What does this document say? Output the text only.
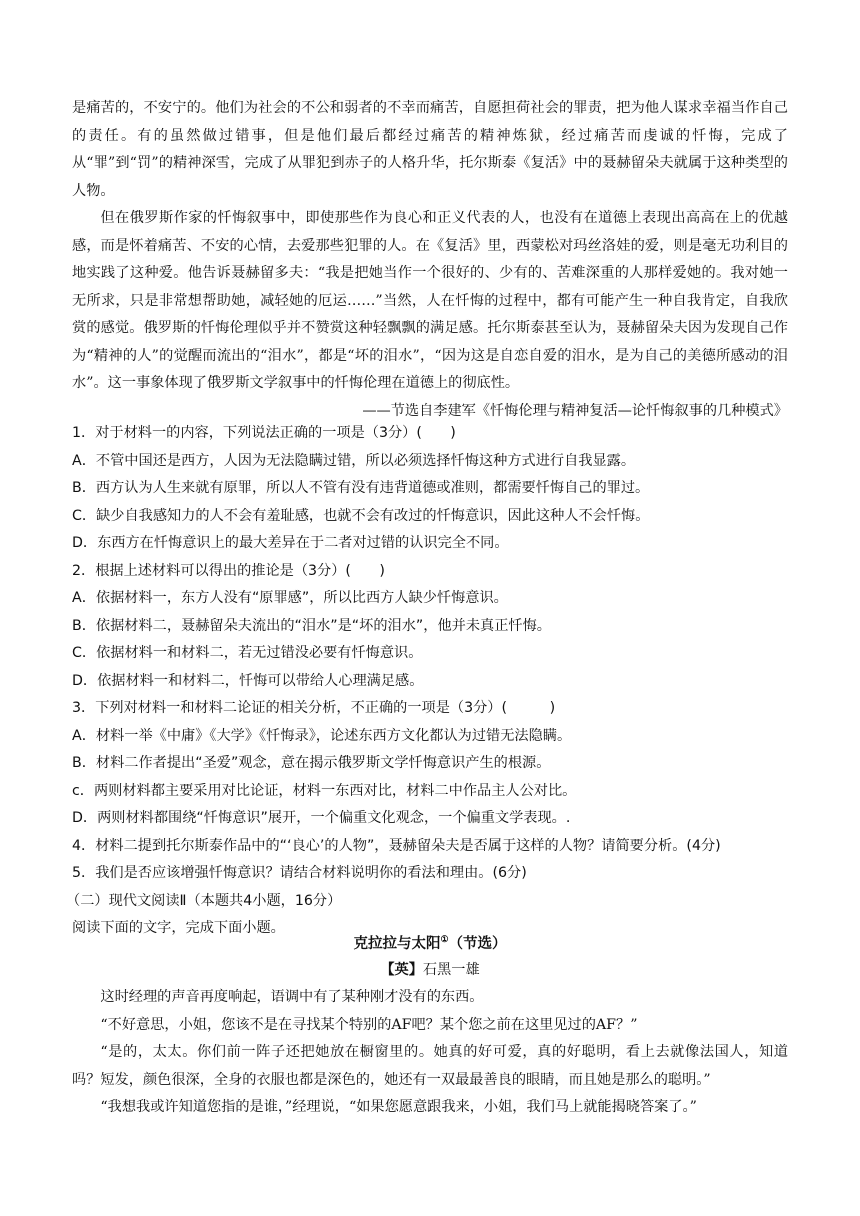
是痛苦的，不安宁的。他们为社会的不公和弱者的不幸而痛苦，自愿担荷社会的罪责，把为他人谋求幸福当作自己的责任。有的虽然做过错事，但是他们最后都经过痛苦的精神炼狱，经过痛苦而虔诚的忏悔，完成了从“罪”到“罚”的精神深雪，完成了从罪犯到赤子的人格升华，托尔斯泰《复活》中的聂赫留朵夫就属于这种类型的人物。

但在俄罗斯作家的忏悔叙事中，即使那些作为良心和正义代表的人，也没有在道德上表现出高高在上的优越感，而是怀着痛苦、不安的心情，去爱那些犯罪的人。在《复活》里，西蒙松对玛丝洛娃的爱，则是毫无功利目的地实践了这种爱。他告诉聂赫留多夫：“我是把她当作一个很好的、少有的、苦难深重的人那样爱她的。我对她一无所求，只是非常想帮助她，减轻她的厄运……”当然，人在忏悔的过程中，都有可能产生一种自我肯定，自我欣赏的感觉。俄罗斯的忏悔伦理似乎并不赞赏这种轻飘飘的满足感。托尔斯泰甚至认为，聂赫留朵夫因为发现自己作为“精神的人”的觉醒而流出的“泪水”，都是“坏的泪水”，“因为这是自恋自爱的泪水，是为自己的美德所感动的泪水”。这一事象体现了俄罗斯文学叙事中的忏悔伦理在道德上的彻底性。

——节选自李建军《忏悔伦理与精神复活—论忏悔叙事的几种模式》

1．对于材料一的内容，下列说法正确的一项是（3分）(　　)

A．不管中国还是西方，人因为无法隐瞒过错，所以必须选择忏悔这种方式进行自我显露。

B．西方认为人生来就有原罪，所以人不管有没有违背道德或准则，都需要忏悔自己的罪过。

C．缺少自我感知力的人不会有羞耻感，也就不会有改过的忏悔意识，因此这种人不会忏悔。

D．东西方在忏悔意识上的最大差异在于二者对过错的认识完全不同。

2．根据上述材料可以得出的推论是（3分）(　　)

A．依据材料一，东方人没有“原罪感”，所以比西方人缺少忏悔意识。

B．依据材料二，聂赫留朵夫流出的“泪水”是“坏的泪水”，他并未真正忏悔。

C．依据材料一和材料二，若无过错没必要有忏悔意识。

D．依据材料一和材料二，忏悔可以带给人心理满足感。

3．下列对材料一和材料二论证的相关分析，不正确的一项是（3分）(　　　)

A．材料一举《中庸》《大学》《忏悔录》，论述东西方文化都认为过错无法隐瞒。

B．材料二作者提出“圣爱”观念，意在揭示俄罗斯文学忏悔意识产生的根源。

c．两则材料都主要采用对比论证，材料一东西对比，材料二中作品主人公对比。

D．两则材料都围绕“忏悔意识”展开，一个偏重文化观念，一个偏重文学表现。.

4．材料二提到托尔斯泰作品中的“‘良心’的人物”，聂赫留朵夫是否属于这样的人物？请简要分析。(4分)

5．我们是否应该增强忏悔意识？请结合材料说明你的看法和理由。(6分)

（二）现代文阅读Ⅱ（本题共4小题，16分）

阅读下面的文字，完成下面小题。

克拉拉与太阳①（节选）

【英】石黑一雄

这时经理的声音再度响起，语调中有了某种刚才没有的东西。

“不好意思，小姐，您该不是在寻找某个特别的AF吧？某个您之前在这里见过的AF？”

“是的，太太。你们前一阵子还把她放在橱窗里的。她真的好可爱，真的好聪明，看上去就像法国人，知道吗？短发，颜色很深，全身的衣服也都是深色的，她还有一双最最善良的眼睛，而且她是那么的聪明。”

“我想我或许知道您指的是谁，”经理说，“如果您愿意跟我来，小姐，我们马上就能揭晓答案了。”
